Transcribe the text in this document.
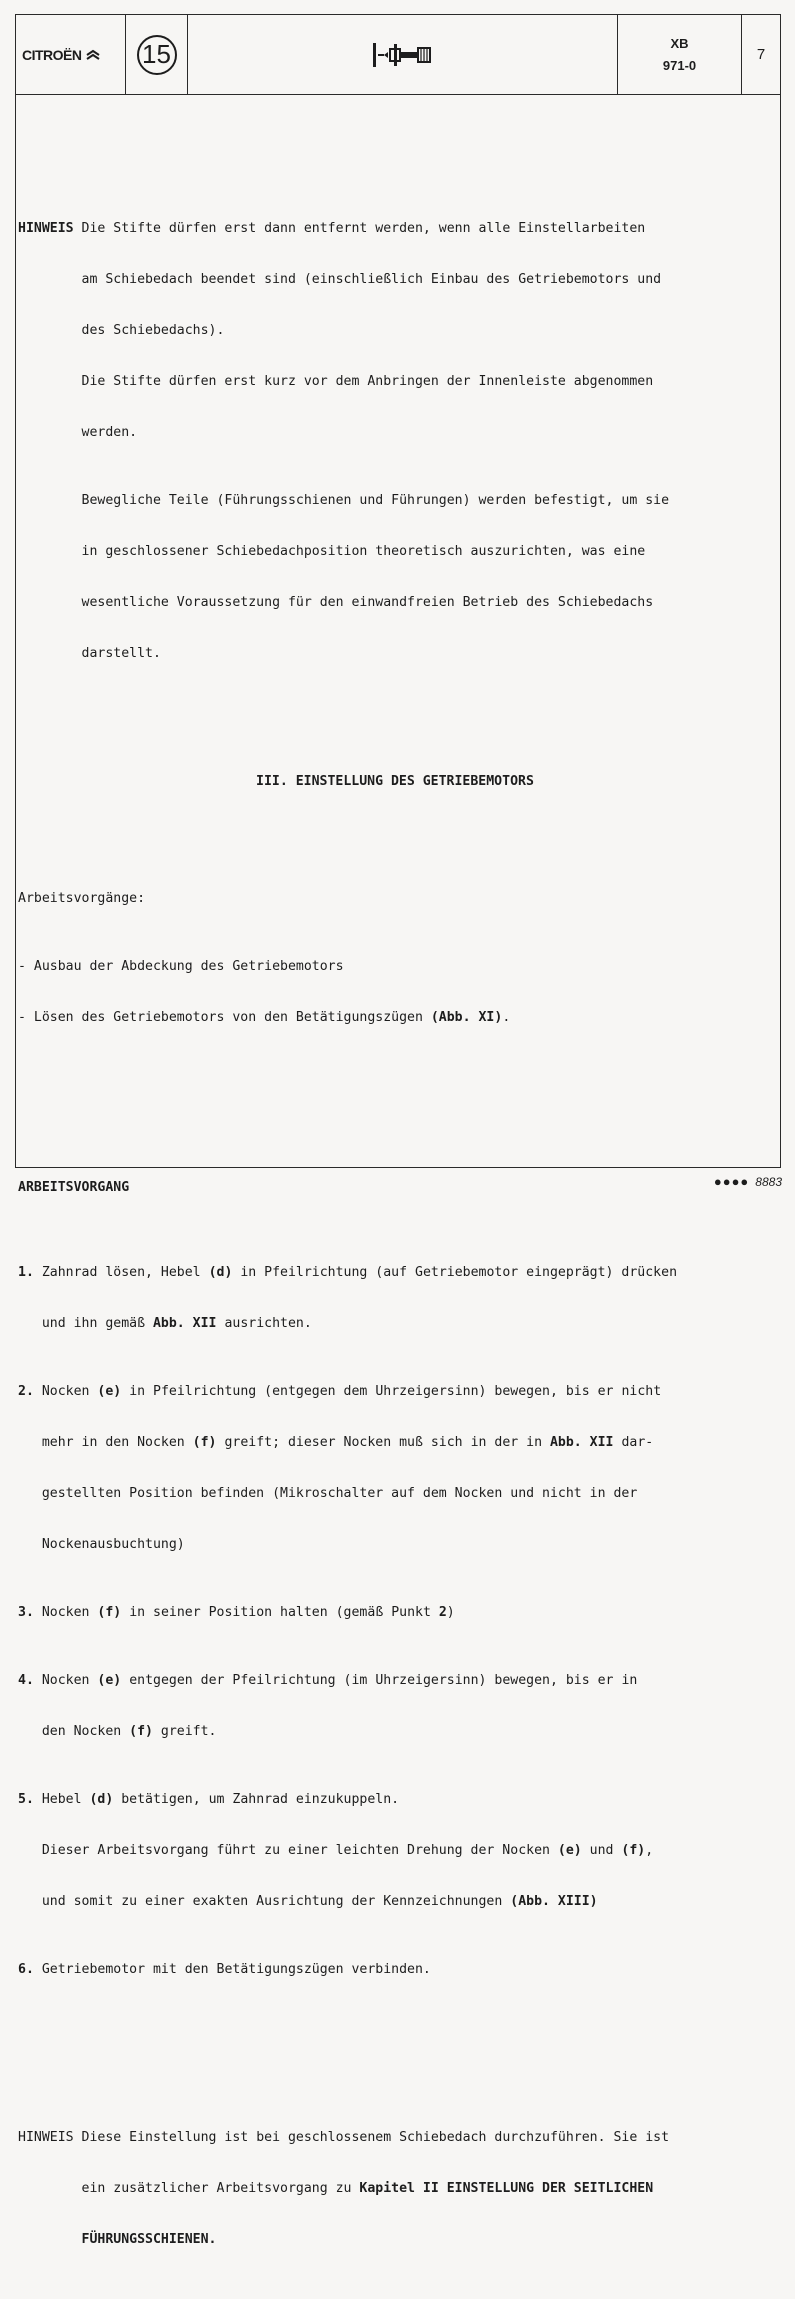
CITROËN 15	XB
971-0
7

HINWEIS Die Stifte dürfen erst dann entfernt werden, wenn alle Einstellarbeiten

am Schiebedach beendet sind (einschließlich Einbau des Getriebemotors und

des Schiebedachs).

Die Stifte dürfen erst kurz vor dem Anbringen der Innenleiste abgenommen

werden.

Bewegliche Teile (Führungsschienen und Führungen) werden befestigt, um sie

in geschlossener Schiebedachposition theoretisch auszurichten, was eine

wesentliche Voraussetzung für den einwandfreien Betrieb des Schiebedachs

darstellt.

III. EINSTELLUNG DES GETRIEBEMOTORS

Arbeitsvorgänge:

- Ausbau der Abdeckung des Getriebemotors

- Lösen des Getriebemotors von den Betätigungszügen (Abb. XI).

ARBEITSVORGANG

1. Zahnrad lösen, Hebel (d) in Pfeilrichtung (auf Getriebemotor eingeprägt) drücken

und ihn gemäß Abb. XII ausrichten.

2. Nocken (e) in Pfeilrichtung (entgegen dem Uhrzeigersinn) bewegen, bis er nicht

mehr in den Nocken (f) greift; dieser Nocken muß sich in der in Abb. XII dar-

gestellten Position befinden (Mikroschalter auf dem Nocken und nicht in der

Nockenausbuchtung)

3. Nocken (f) in seiner Position halten (gemäß Punkt 2)

4. Nocken (e) entgegen der Pfeilrichtung (im Uhrzeigersinn) bewegen, bis er in

den Nocken (f) greift.

5. Hebel (d) betätigen, um Zahnrad einzukuppeln.

Dieser Arbeitsvorgang führt zu einer leichten Drehung der Nocken (e) und (f),

und somit zu einer exakten Ausrichtung der Kennzeichnungen (Abb. XIII)

6. Getriebemotor mit den Betätigungszügen verbinden.

HINWEIS Diese Einstellung ist bei geschlossenem Schiebedach durchzuführen. Sie ist

ein zusätzlicher Arbeitsvorgang zu Kapitel II EINSTELLUNG DER SEITLICHEN

FÜHRUNGSSCHIENEN.

●●●● 8883
